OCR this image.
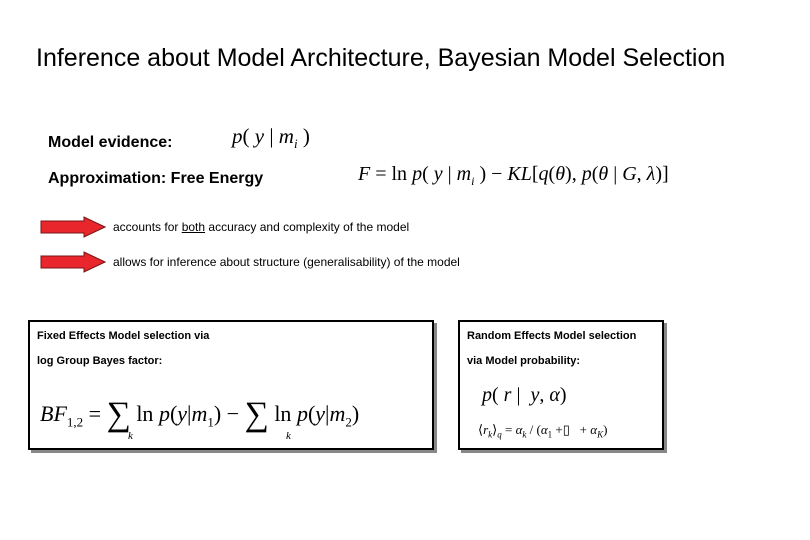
Inference about Model Architecture, Bayesian Model Selection
Model evidence:	p( y | $m_i$ )
Approximation: Free Energy	F = ln p( y | $m_i$ ) − KL[q(θ), p(θ | G, λ)]
accounts for both accuracy and complexity of the model
allows for inference about structure (generalisability) of the model
Fixed Effects Model selection via
log Group Bayes factor:
$BF_{1,2}$ = ∑ $\ln p(y|m_1)$ − ∑ $\ln p(y|m_2)$
k	k
Random Effects Model selection
via Model probability:
p( r |  y, α)
$⟨r_k⟩_q = \alpha_k / (\alpha_1$ +▯   + $\alpha_K$)
